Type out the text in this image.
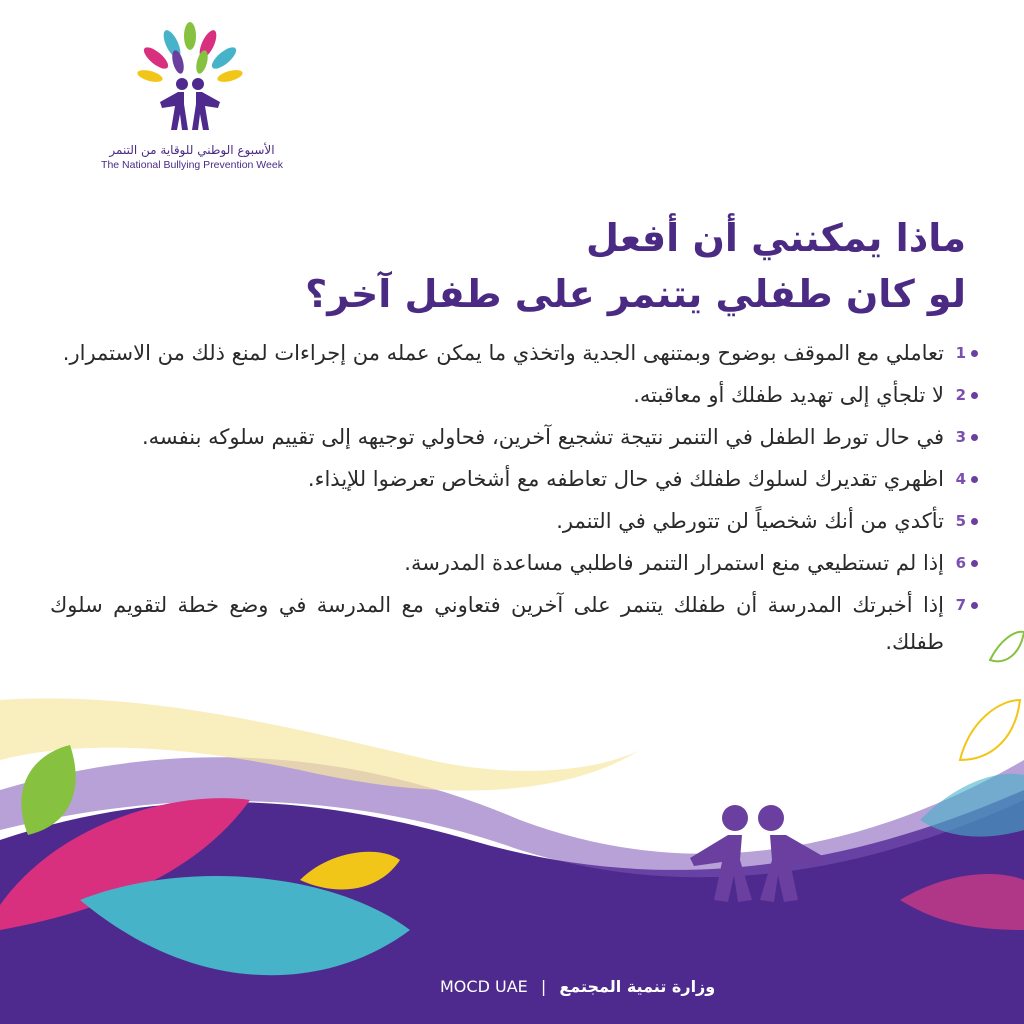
الأسبوع الوطني للوقاية من التنمر
The National Bullying Prevention Week
ماذا يمكنني أن أفعل
لو كان طفلي يتنمر على طفل آخر؟
1
تعاملي مع الموقف بوضوح وبمتنهى الجدية واتخذي ما يمكن عمله من إجراءات لمنع ذلك من الاستمرار.
2
لا تلجأي إلى تهديد طفلك أو معاقبته.
3
في حال تورط الطفل في التنمر نتيجة تشجيع آخرين، فحاولي توجيهه إلى تقييم سلوكه بنفسه.
4
اظهري تقديرك لسلوك طفلك في حال تعاطفه مع أشخاص تعرضوا للإيذاء.
5
تأكدي من أنك شخصياً لن تتورطي في التنمر.
6
إذا لم تستطيعي منع استمرار التنمر فاطلبي مساعدة المدرسة.
7
إذا أخبرتك المدرسة أن طفلك يتنمر على آخرين فتعاوني مع المدرسة في وضع خطة لتقويم سلوك طفلك.
MOCD UAE | وزارة تنمية المجتمع
